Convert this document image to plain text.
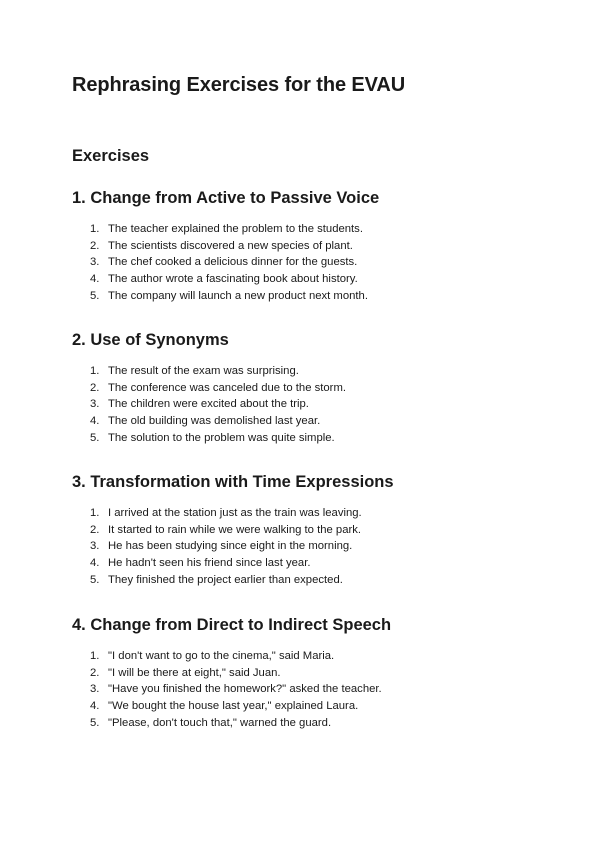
Rephrasing Exercises for the EVAU
Exercises
1. Change from Active to Passive Voice
1. The teacher explained the problem to the students.
2. The scientists discovered a new species of plant.
3. The chef cooked a delicious dinner for the guests.
4. The author wrote a fascinating book about history.
5. The company will launch a new product next month.
2. Use of Synonyms
1. The result of the exam was surprising.
2. The conference was canceled due to the storm.
3. The children were excited about the trip.
4. The old building was demolished last year.
5. The solution to the problem was quite simple.
3. Transformation with Time Expressions
1. I arrived at the station just as the train was leaving.
2. It started to rain while we were walking to the park.
3. He has been studying since eight in the morning.
4. He hadn't seen his friend since last year.
5. They finished the project earlier than expected.
4. Change from Direct to Indirect Speech
1. "I don't want to go to the cinema," said Maria.
2. "I will be there at eight," said Juan.
3. "Have you finished the homework?" asked the teacher.
4. "We bought the house last year," explained Laura.
5. "Please, don't touch that," warned the guard.
